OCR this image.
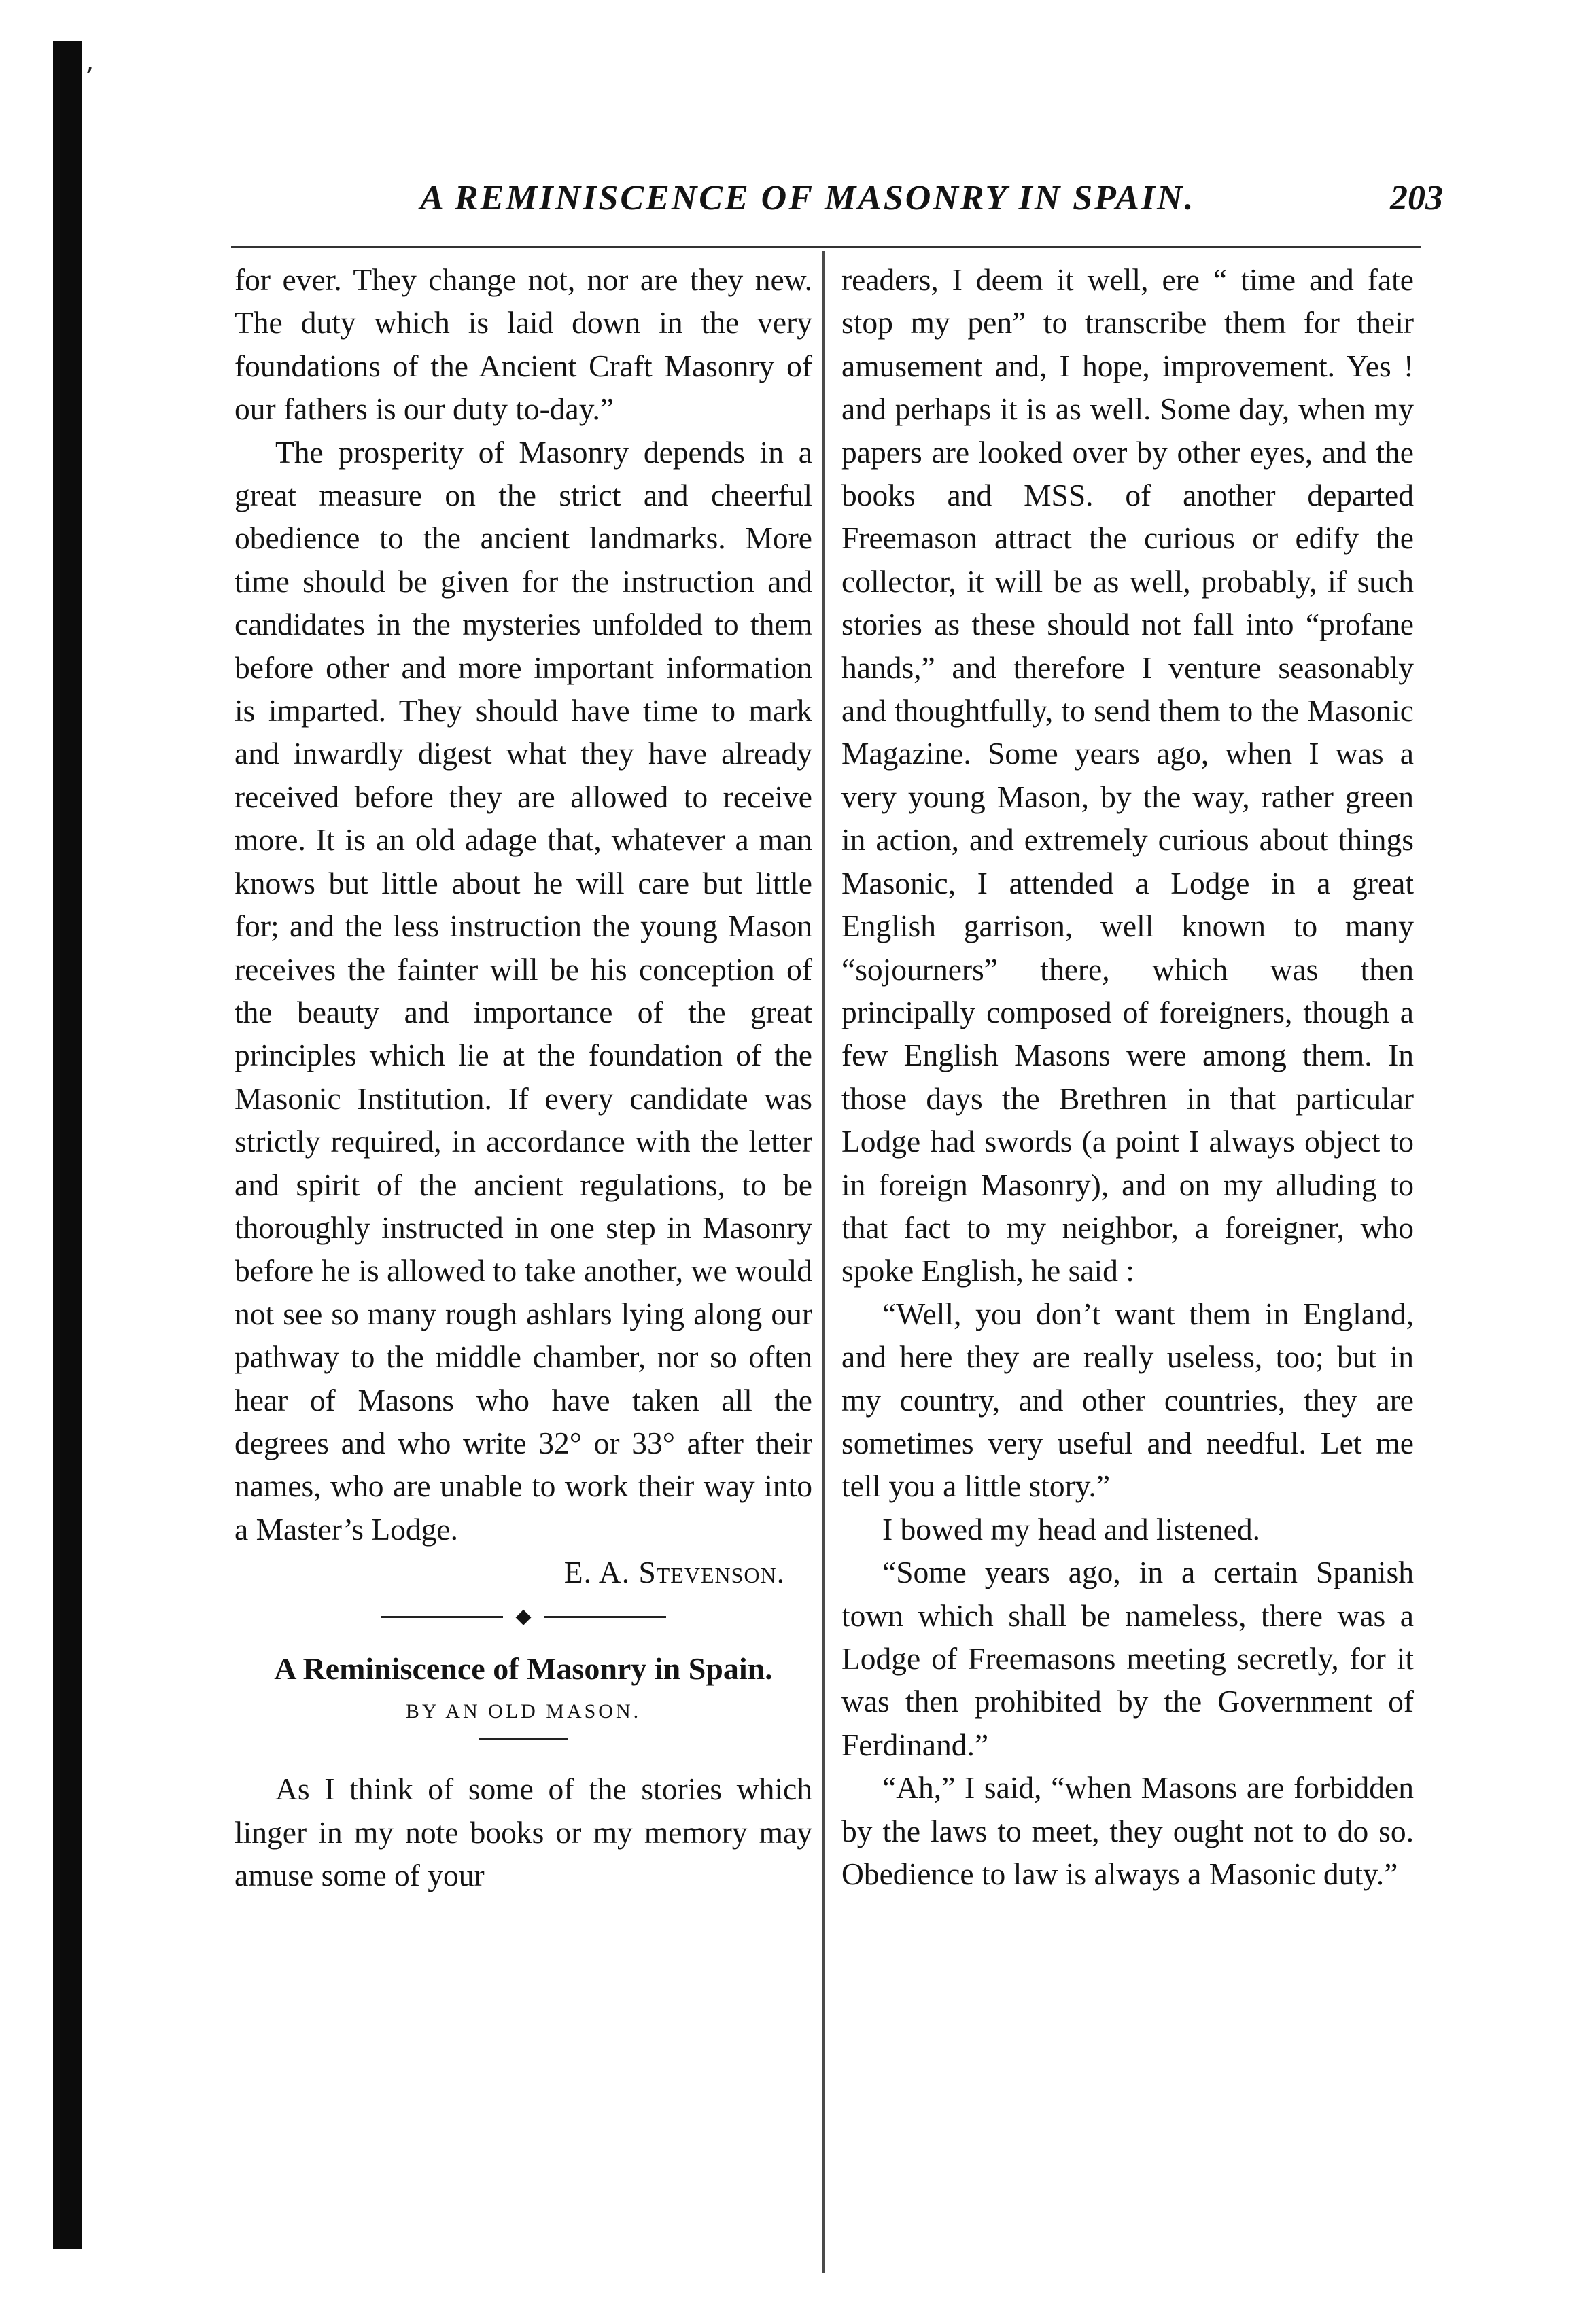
ʼ
A REMINISCENCE OF MASONRY IN SPAIN.	203

for ever. They change not, nor are they new. The duty which is laid down in the very foundations of the Ancient Craft Masonry of our fathers is our duty to-day.”

The prosperity of Masonry depends in a great measure on the strict and cheerful obedience to the ancient landmarks. More time should be given for the instruction and candidates in the mysteries unfolded to them before other and more important information is imparted. They should have time to mark and inwardly digest what they have already received before they are allowed to receive more. It is an old adage that, whatever a man knows but little about he will care but little for; and the less instruction the young Mason receives the fainter will be his conception of the beauty and importance of the great principles which lie at the foundation of the Masonic Institution. If every candidate was strictly required, in accordance with the letter and spirit of the ancient regulations, to be thoroughly instructed in one step in Masonry before he is allowed to take another, we would not see so many rough ashlars lying along our pathway to the middle chamber, nor so often hear of Masons who have taken all the degrees and who write 32° or 33° after their names, who are unable to work their way into a Master’s Lodge.

E. A. Stevenson.

◆

A Reminiscence of Masonry in Spain.

BY AN OLD MASON.

As I think of some of the stories which linger in my note books or my memory may amuse some of your

readers, I deem it well, ere “ time and fate stop my pen” to transcribe them for their amusement and, I hope, improvement. Yes ! and perhaps it is as well. Some day, when my papers are looked over by other eyes, and the books and MSS. of another departed Freemason attract the curious or edify the collector, it will be as well, probably, if such stories as these should not fall into “profane hands,” and therefore I venture seasonably and thoughtfully, to send them to the Masonic Magazine. Some years ago, when I was a very young Mason, by the way, rather green in action, and extremely curious about things Masonic, I attended a Lodge in a great English garrison, well known to many “sojourners” there, which was then principally composed of foreigners, though a few English Masons were among them. In those days the Brethren in that particular Lodge had swords (a point I always object to in foreign Masonry), and on my alluding to that fact to my neighbor, a foreigner, who spoke English, he said :

“Well, you don’t want them in England, and here they are really useless, too; but in my country, and other countries, they are sometimes very useful and needful. Let me tell you a little story.”

I bowed my head and listened.

“Some years ago, in a certain Spanish town which shall be nameless, there was a Lodge of Freemasons meeting secretly, for it was then prohibited by the Government of Ferdinand.”

“Ah,” I said, “when Masons are forbidden by the laws to meet, they ought not to do so. Obedience to law is always a Masonic duty.”
